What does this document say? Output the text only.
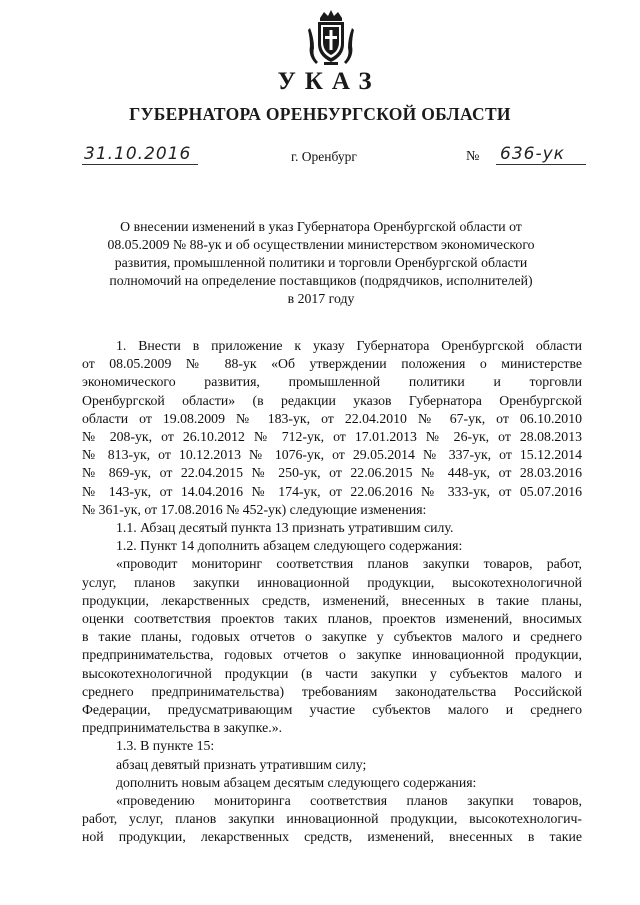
УКАЗ
ГУБЕРНАТОРА ОРЕНБУРГСКОЙ ОБЛАСТИ
31.10.2016	г. Оренбург	№ 636-ук
О внесении изменений в указ Губернатора Оренбургской области от
08.05.2009 № 88-ук и об осуществлении министерством экономического
развития, промышленной политики и торговли Оренбургской области
полномочий на определение поставщиков (подрядчиков, исполнителей)
в 2017 году
1. Внести в приложение к указу Губернатора Оренбургской области
от 08.05.2009 № 88-ук «Об утверждении положения о министерстве
экономического развития, промышленной политики и торговли
Оренбургской области» (в редакции указов Губернатора Оренбургской
области от 19.08.2009 № 183-ук, от 22.04.2010 № 67-ук, от 06.10.2010
№ 208-ук, от 26.10.2012 № 712-ук, от 17.01.2013 № 26-ук, от 28.08.2013
№ 813-ук, от 10.12.2013 № 1076-ук, от 29.05.2014 № 337-ук, от 15.12.2014
№ 869-ук, от 22.04.2015 № 250-ук, от 22.06.2015 № 448-ук, от 28.03.2016
№ 143-ук, от 14.04.2016 № 174-ук, от 22.06.2016 № 333-ук, от 05.07.2016
№ 361-ук, от 17.08.2016 № 452-ук) следующие изменения:
1.1. Абзац десятый пункта 13 признать утратившим силу.
1.2. Пункт 14 дополнить абзацем следующего содержания:
«проводит мониторинг соответствия планов закупки товаров, работ,
услуг, планов закупки инновационной продукции, высокотехнологичной
продукции, лекарственных средств, изменений, внесенных в такие планы,
оценки соответствия проектов таких планов, проектов изменений, вносимых
в такие планы, годовых отчетов о закупке у субъектов малого и среднего
предпринимательства, годовых отчетов о закупке инновационной продукции,
высокотехнологичной продукции (в части закупки у субъектов малого и
среднего предпринимательства) требованиям законодательства Российской
Федерации, предусматривающим участие субъектов малого и среднего
предпринимательства в закупке.».
1.3. В пункте 15:
абзац девятый признать утратившим силу;
дополнить новым абзацем десятым следующего содержания:
«проведению мониторинга соответствия планов закупки товаров,
работ, услуг, планов закупки инновационной продукции, высокотехнологич-
ной продукции, лекарственных средств, изменений, внесенных в такие
